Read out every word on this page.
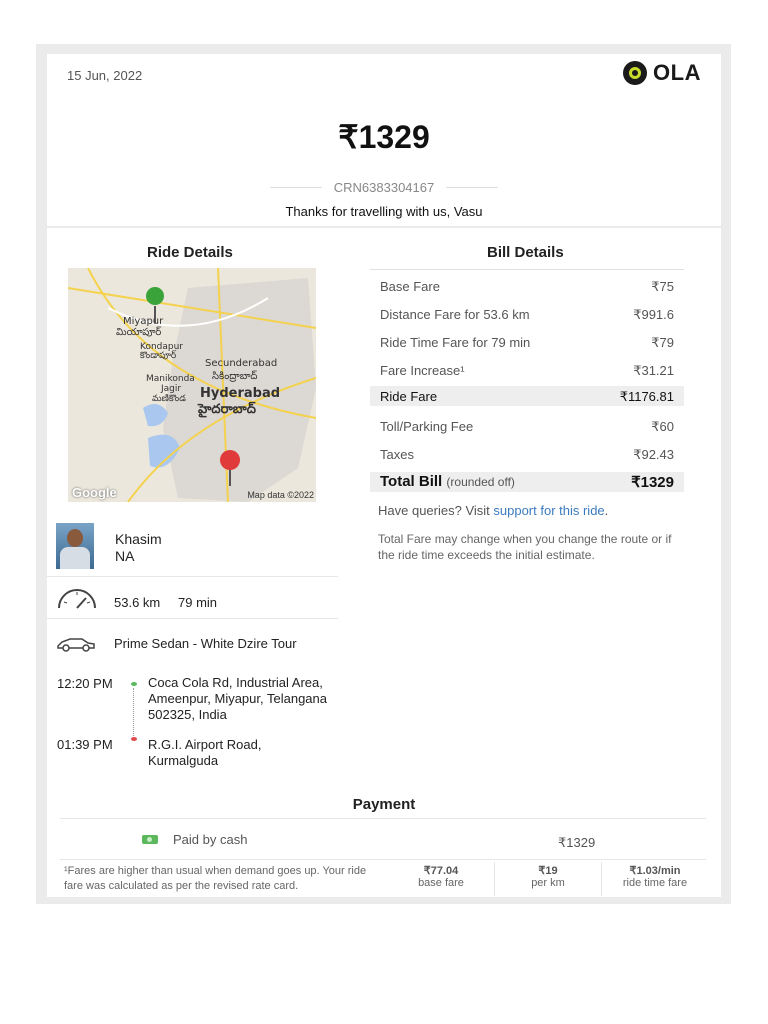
15 Jun, 2022	OLA
₹1329
CRN6383304167
Thanks for travelling with us, Vasu
Ride Details	Bill Details
Miyapur
మియాపూర్
Kondapur
కొండాపూర్
Secunderabad
సికింద్రాబాద్
Hyderabad
హైదరాబాద్
Manikonda
Jagir
మణికొండ
Google	Map data ©2022
Khasim
NA
53.6 km 79 min
Prime Sedan - White Dzire Tour
12:20 PM	Coca Cola Rd, Industrial Area, Ameenpur, Miyapur, Telangana 502325, India
01:39 PM	R.G.I. Airport Road, Kurmalguda
Base Fare	₹75
Distance Fare for 53.6 km	₹991.6
Ride Time Fare for 79 min	₹79
Fare Increase¹	₹31.21
Ride Fare	₹1176.81
Toll/Parking Fee	₹60
Taxes	₹92.43
Total Bill (rounded off)	₹1329
Have queries? Visit support for this ride.
Total Fare may change when you change the route or if the ride time exceeds the initial estimate.
Payment
Paid by cash	₹1329
¹Fares are higher than usual when demand goes up. Your ride fare was calculated as per the revised rate card.
₹77.04
base fare
₹19
per km
₹1.03/min
ride time fare
